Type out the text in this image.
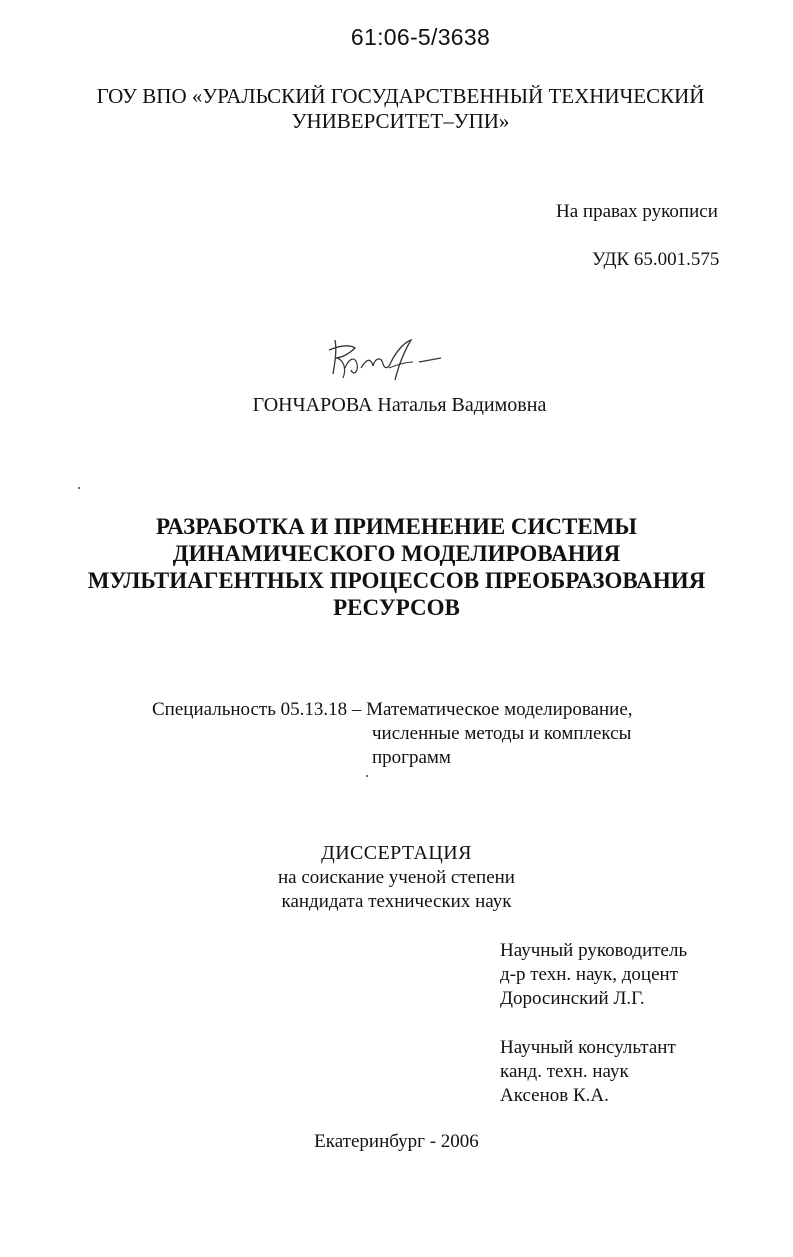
61:06-5/3638
ГОУ ВПО «УРАЛЬСКИЙ ГОСУДАРСТВЕННЫЙ ТЕХНИЧЕСКИЙ
УНИВЕРСИТЕТ–УПИ»
На правах рукописи
УДК 65.001.575
ГОНЧАРОВА Наталья Вадимовна
РАЗРАБОТКА И ПРИМЕНЕНИЕ СИСТЕМЫ
ДИНАМИЧЕСКОГО МОДЕЛИРОВАНИЯ
МУЛЬТИАГЕНТНЫХ ПРОЦЕССОВ ПРЕОБРАЗОВАНИЯ
РЕСУРСОВ
Специальность 05.13.18 – Математическое моделирование,
численные методы и комплексы
программ
ДИССЕРТАЦИЯ
на соискание ученой степени
кандидата технических наук
Научный руководитель
д-р техн. наук, доцент
Доросинский Л.Г.
Научный консультант
канд. техн. наук
Аксенов К.А.
Екатеринбург - 2006
